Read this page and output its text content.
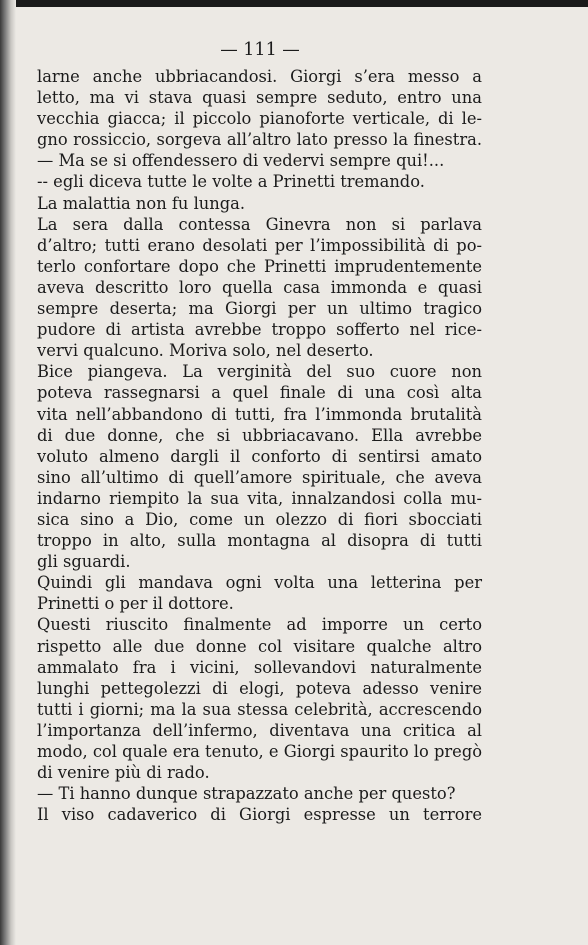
— 111 —
larne anche ubbriacandosi. Giorgi s’era messo a
letto, ma vi stava quasi sempre seduto, entro una
vecchia giacca; il piccolo pianoforte verticale, di le-
gno rossiccio, sorgeva all’altro lato presso la finestra.
— Ma se si offendessero di vedervi sempre qui!...
-- egli diceva tutte le volte a Prinetti tremando.
La malattia non fu lunga.
La sera dalla contessa Ginevra non si parlava
d’altro; tutti erano desolati per l’impossibilità di po-
terlo confortare dopo che Prinetti imprudentemente
aveva descritto loro quella casa immonda e quasi
sempre deserta; ma Giorgi per un ultimo tragico
pudore di artista avrebbe troppo sofferto nel rice-
vervi qualcuno. Moriva solo, nel deserto.
Bice piangeva. La verginità del suo cuore non
poteva rassegnarsi a quel finale di una così alta
vita nell’abbandono di tutti, fra l’immonda brutalità
di due donne, che si ubbriacavano. Ella avrebbe
voluto almeno dargli il conforto di sentirsi amato
sino all’ultimo di quell’amore spirituale, che aveva
indarno riempito la sua vita, innalzandosi colla mu-
sica sino a Dio, come un olezzo di fiori sbocciati
troppo in alto, sulla montagna al disopra di tutti
gli sguardi.
Quindi gli mandava ogni volta una letterina per
Prinetti o per il dottore.
Questi riuscito finalmente ad imporre un certo
rispetto alle due donne col visitare qualche altro
ammalato fra i vicini, sollevandovi naturalmente
lunghi pettegolezzi di elogi, poteva adesso venire
tutti i giorni; ma la sua stessa celebrità, accrescendo
l’importanza dell’infermo, diventava una critica al
modo, col quale era tenuto, e Giorgi spaurito lo pregò
di venire più di rado.
— Ti hanno dunque strapazzato anche per questo?
Il viso cadaverico di Giorgi espresse un terrore
